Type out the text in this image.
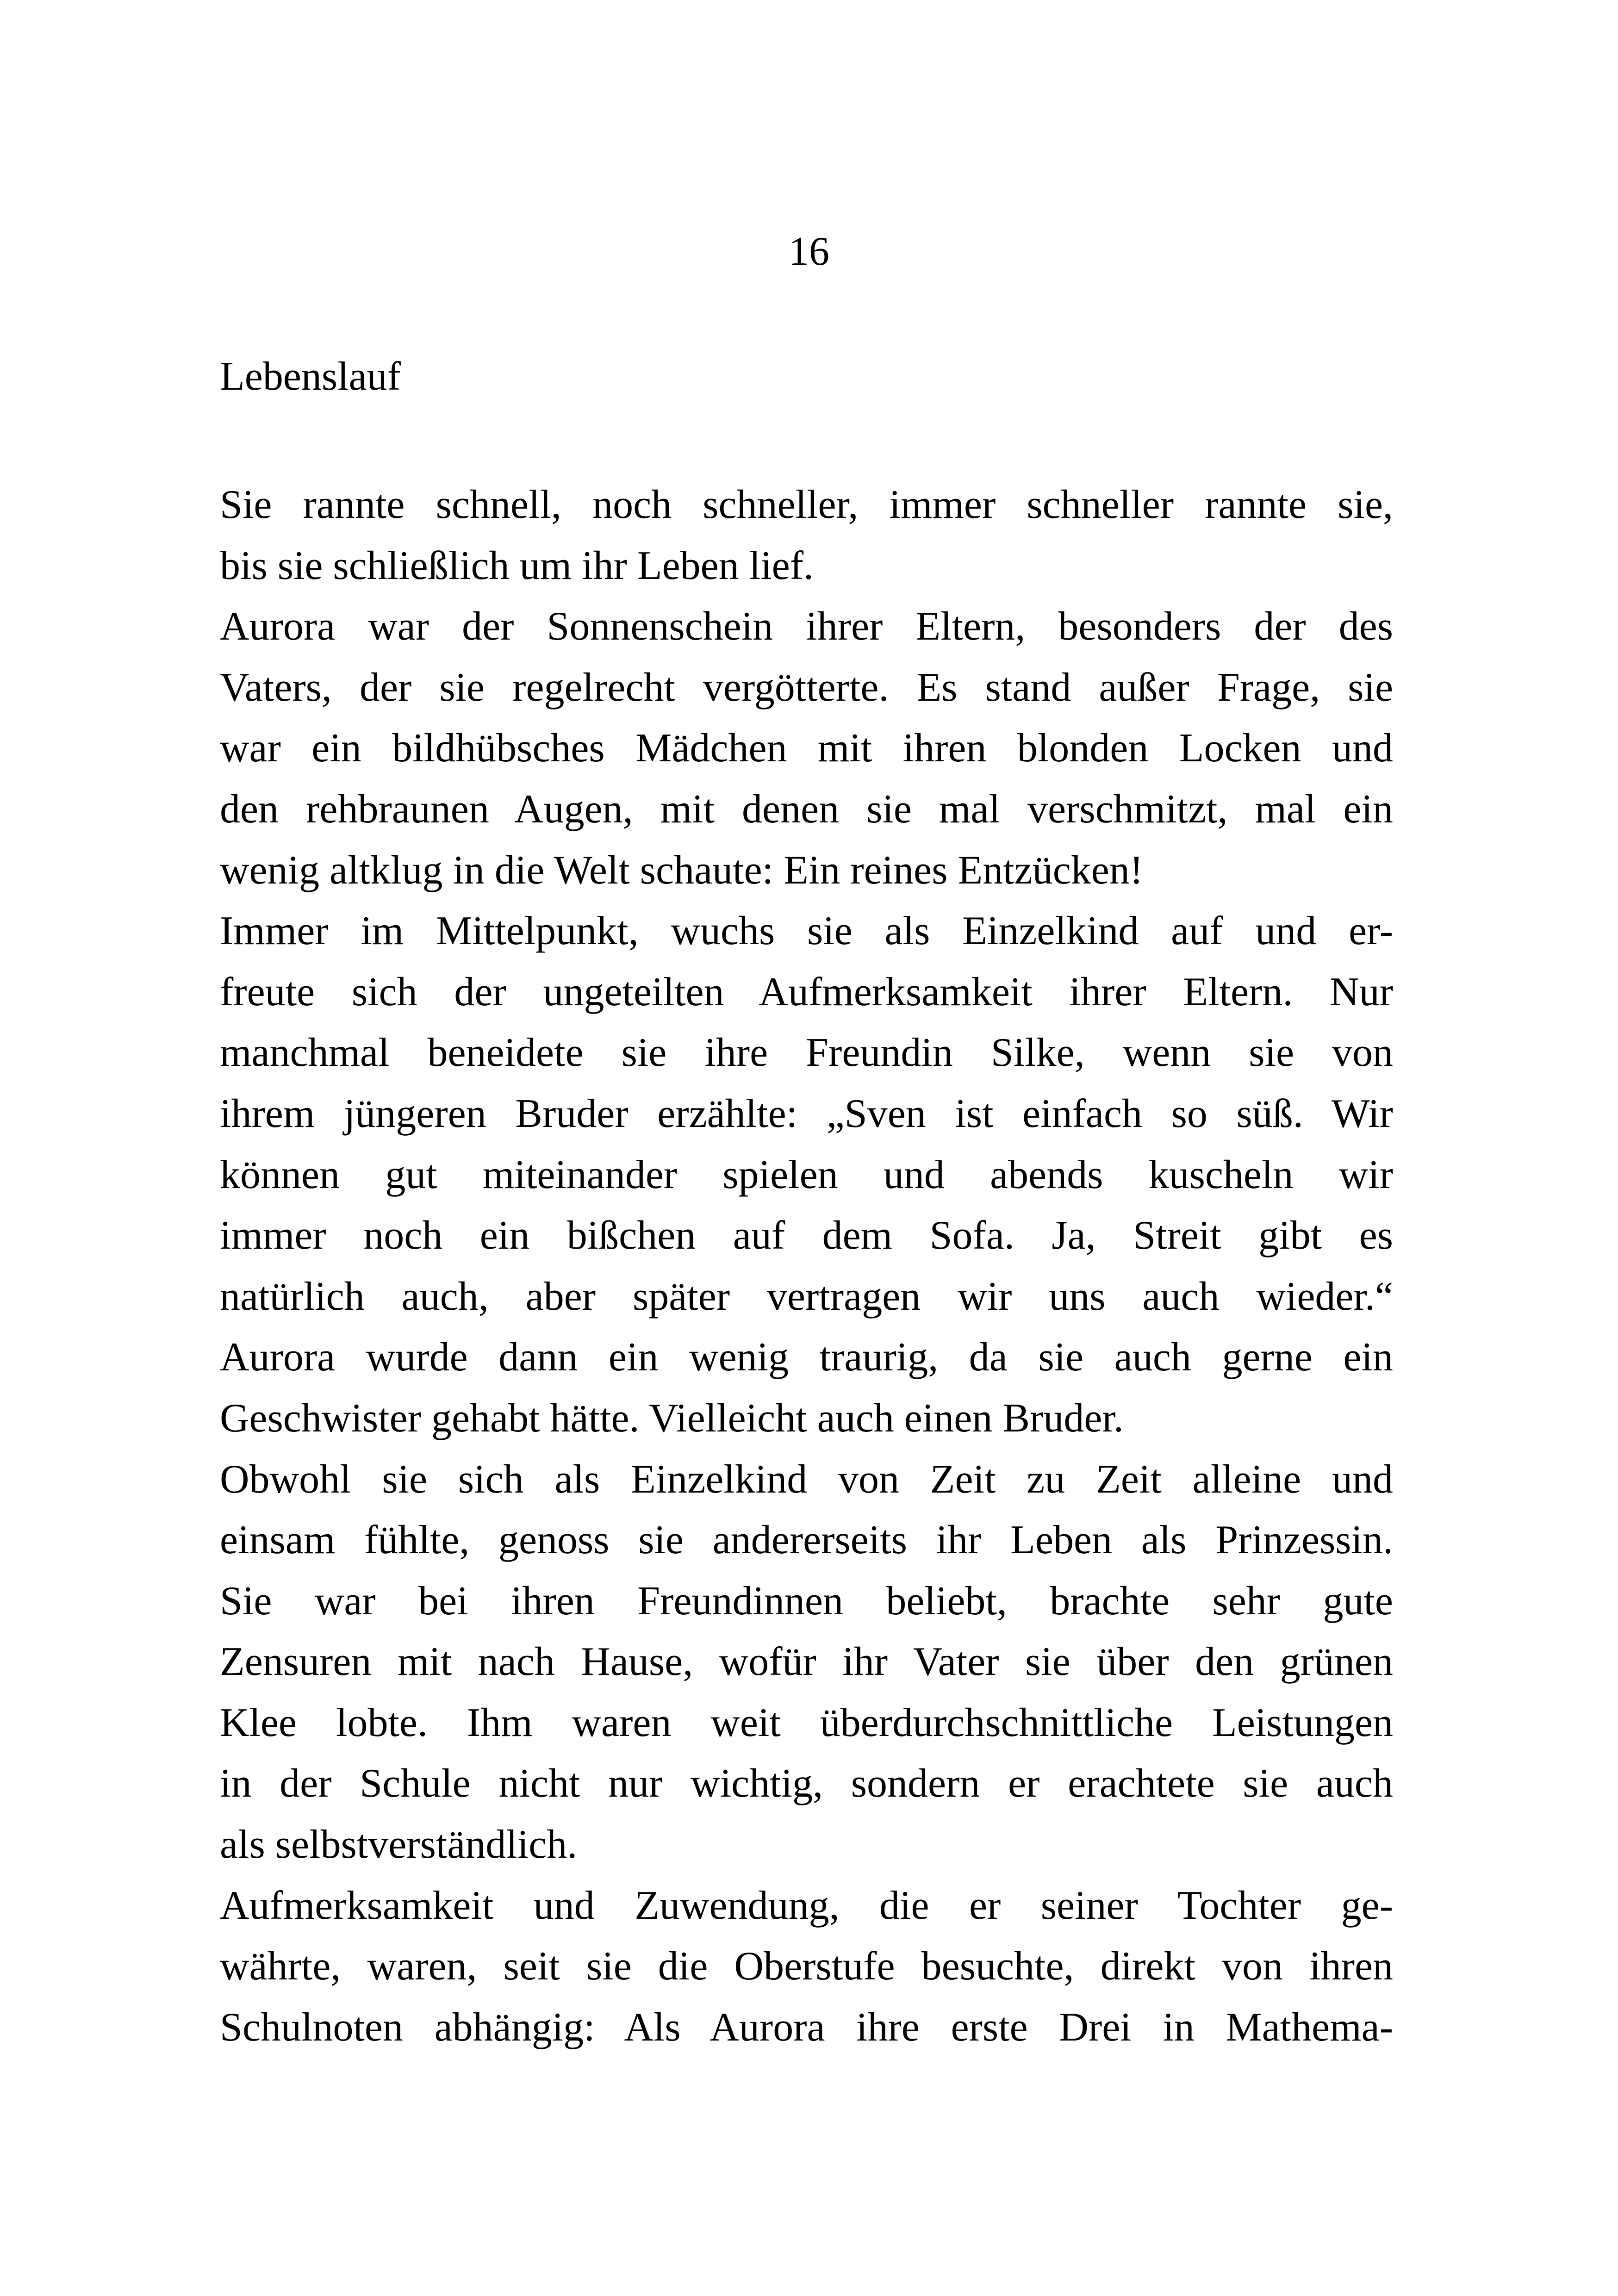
16
Lebenslauf
Sie rannte schnell, noch schneller, immer schneller rannte sie,
bis sie schließlich um ihr Leben lief.
Aurora war der Sonnenschein ihrer Eltern, besonders der des
Vaters, der sie regelrecht vergötterte. Es stand außer Frage, sie
war ein bildhübsches Mädchen mit ihren blonden Locken und
den rehbraunen Augen, mit denen sie mal verschmitzt, mal ein
wenig altklug in die Welt schaute: Ein reines Entzücken!
Immer im Mittelpunkt, wuchs sie als Einzelkind auf und er-
freute sich der ungeteilten Aufmerksamkeit ihrer Eltern. Nur
manchmal beneidete sie ihre Freundin Silke, wenn sie von
ihrem jüngeren Bruder erzählte: „Sven ist einfach so süß. Wir
können gut miteinander spielen und abends kuscheln wir
immer noch ein bißchen auf dem Sofa. Ja, Streit gibt es
natürlich auch, aber später vertragen wir uns auch wieder.“
Aurora wurde dann ein wenig traurig, da sie auch gerne ein
Geschwister gehabt hätte. Vielleicht auch einen Bruder.
Obwohl sie sich als Einzelkind von Zeit zu Zeit alleine und
einsam fühlte, genoss sie andererseits ihr Leben als Prinzessin.
Sie war bei ihren Freundinnen beliebt, brachte sehr gute
Zensuren mit nach Hause, wofür ihr Vater sie über den grünen
Klee lobte. Ihm waren weit überdurchschnittliche Leistungen
in der Schule nicht nur wichtig, sondern er erachtete sie auch
als selbstverständlich.
Aufmerksamkeit und Zuwendung, die er seiner Tochter ge-
währte, waren, seit sie die Oberstufe besuchte, direkt von ihren
Schulnoten abhängig: Als Aurora ihre erste Drei in Mathema-
